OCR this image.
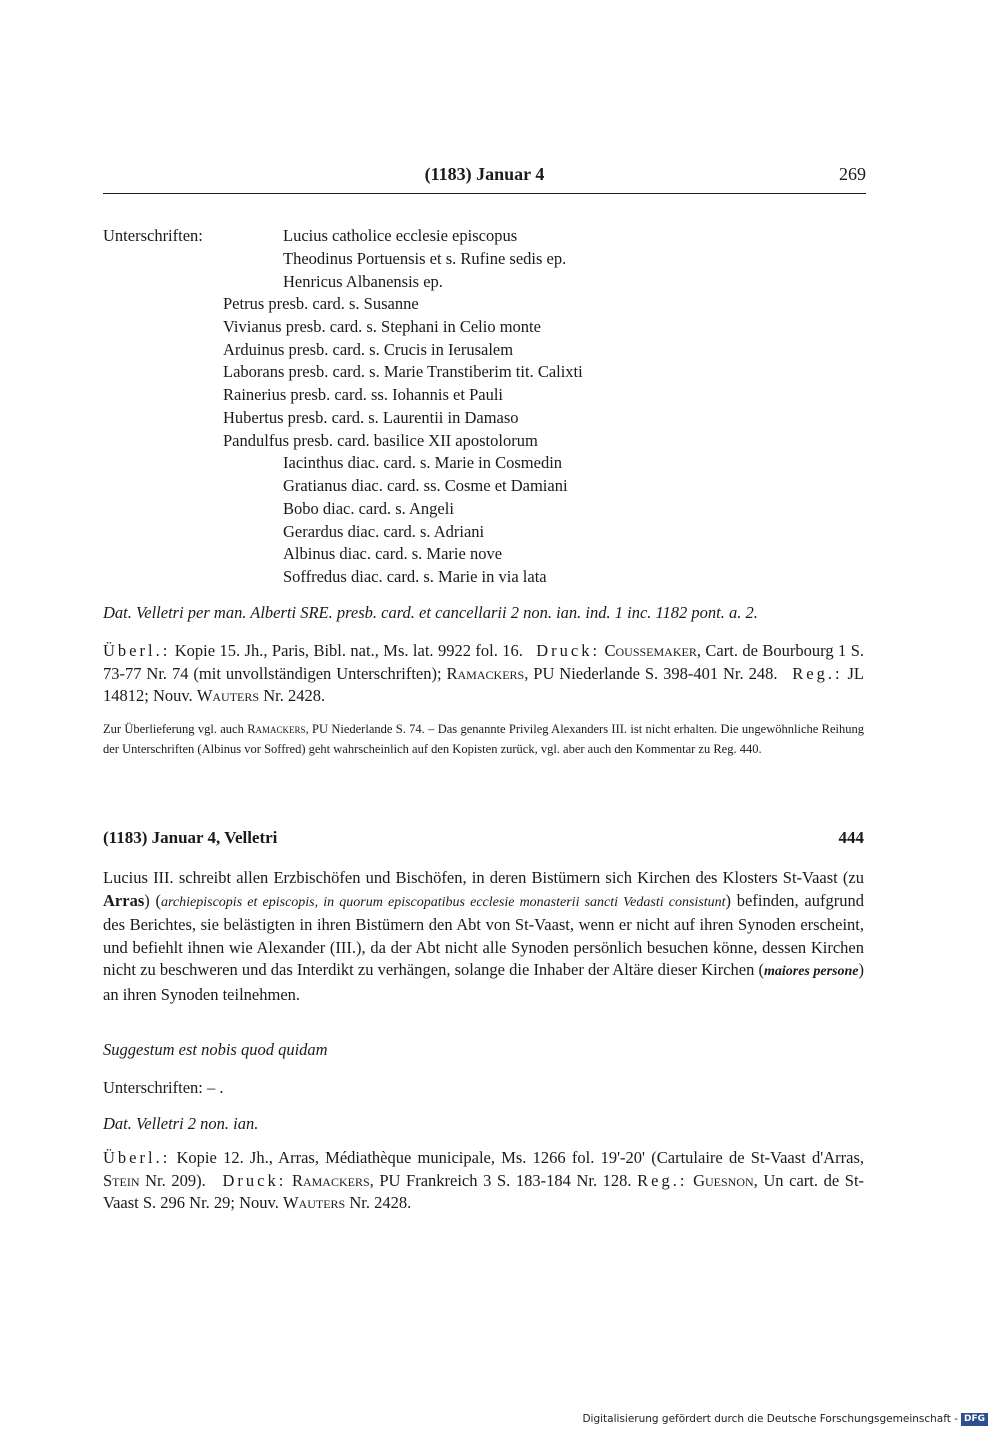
(1183) Januar 4	269
Unterschriften:	Lucius catholice ecclesie episcopus
Theodinus Portuensis et s. Rufine sedis ep.
Henricus Albanensis ep.
Petrus presb. card. s. Susanne
Vivianus presb. card. s. Stephani in Celio monte
Arduinus presb. card. s. Crucis in Ierusalem
Laborans presb. card. s. Marie Transtiberim tit. Calixti
Rainerius presb. card. ss. Iohannis et Pauli
Hubertus presb. card. s. Laurentii in Damaso
Pandulfus presb. card. basilice XII apostolorum
Iacinthus diac. card. s. Marie in Cosmedin
Gratianus diac. card. ss. Cosme et Damiani
Bobo diac. card. s. Angeli
Gerardus diac. card. s. Adriani
Albinus diac. card. s. Marie nove
Soffredus diac. card. s. Marie in via lata
Dat. Velletri per man. Alberti SRE. presb. card. et cancellarii 2 non. ian. ind. 1 inc. 1182 pont. a. 2.
Überl.: Kopie 15. Jh., Paris, Bibl. nat., Ms. lat. 9922 fol. 16. Druck: Coussemaker, Cart. de Bourbourg 1 S. 73-77 Nr. 74 (mit unvollständigen Unterschriften); Ramackers, PU Niederlande S. 398-401 Nr. 248. Reg.: JL 14812; Nouv. Wauters Nr. 2428.
Zur Überlieferung vgl. auch Ramackers, PU Niederlande S. 74. – Das genannte Privileg Alexanders III. ist nicht erhalten. Die ungewöhnliche Reihung der Unterschriften (Albinus vor Soffred) geht wahrscheinlich auf den Kopisten zurück, vgl. aber auch den Kommentar zu Reg. 440.
(1183) Januar 4, Velletri	444
Lucius III. schreibt allen Erzbischöfen und Bischöfen, in deren Bistümern sich Kirchen des Klosters St-Vaast (zu Arras) (archiepiscopis et episcopis, in quorum episcopatibus ecclesie monasterii sancti Vedasti consistunt) befinden, aufgrund des Berichtes, sie belästigten in ihren Bistümern den Abt von St-Vaast, wenn er nicht auf ihren Synoden erscheint, und befiehlt ihnen wie Alexander (III.), da der Abt nicht alle Synoden persönlich besuchen könne, dessen Kirchen nicht zu beschweren und das Interdikt zu verhängen, solange die Inhaber der Altäre dieser Kirchen (maiores persone) an ihren Synoden teilnehmen.
Suggestum est nobis quod quidam
Unterschriften: – .
Dat. Velletri 2 non. ian.
Überl.: Kopie 12. Jh., Arras, Médiathèque municipale, Ms. 1266 fol. 19'-20' (Cartulaire de St-Vaast d'Arras, Stein Nr. 209). Druck: Ramackers, PU Frankreich 3 S. 183-184 Nr. 128. Reg.: Guesnon, Un cart. de St-Vaast S. 296 Nr. 29; Nouv. Wauters Nr. 2428.
Digitalisierung gefördert durch die Deutsche Forschungsgemeinschaft - DFG
